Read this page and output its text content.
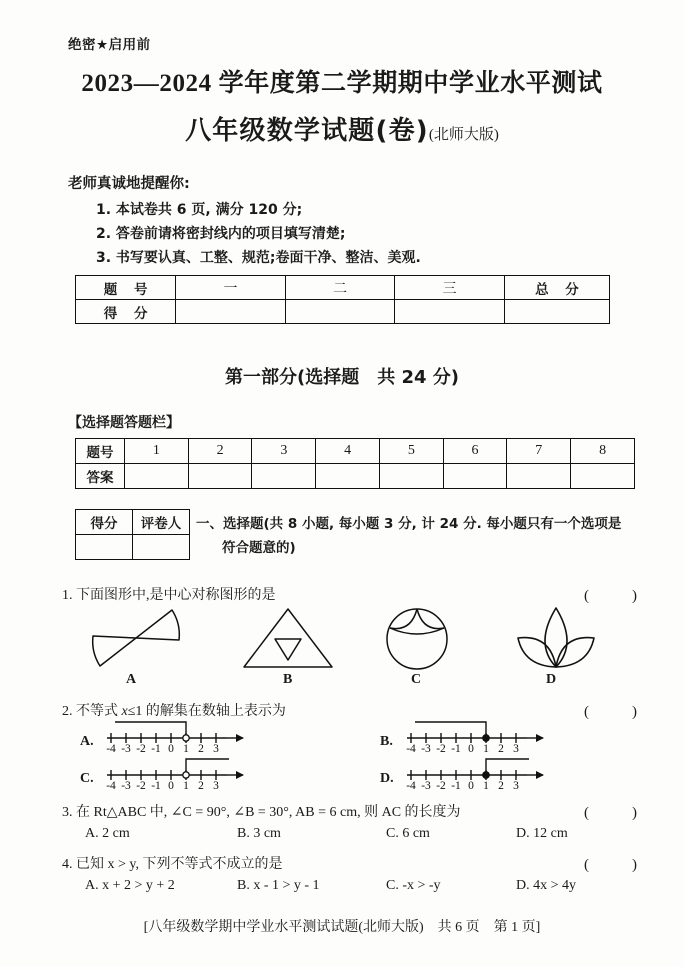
绝密★启用前
2023—2024 学年度第二学期期中学业水平测试
八年级数学试题(卷)(北师大版)
老师真诚地提醒你:
1. 本试卷共 6 页, 满分 120 分;
2. 答卷前请将密封线内的项目填写清楚;
3. 书写要认真、工整、规范;卷面干净、整洁、美观.
题 号	一	二	三	总 分
得 分				
第一部分(选择题　共 24 分)
【选择题答题栏】
题号	1	2	3	4	5	6	7	8
答案								
得分	评卷人
	一、选择题(共 8 小题, 每小题 3 分, 计 24 分. 每小题只有一个选项是
符合题意的)
1. 下面图形中,是中心对称图形的是	(　)
A	B	C	D
2. 不等式 x≤1 的解集在数轴上表示为	(　)
A. -4 -3 -2 -1 0 1 2 3	B. -4 -3 -2 -1 0 1 2 3
C. -4 -3 -2 -1 0 1 2 3	D. -4 -3 -2 -1 0 1 2 3
3. 在 Rt△ABC 中, ∠C = 90°, ∠B = 30°, AB = 6 cm, 则 AC 的长度为	(　)
A. 2 cm	B. 3 cm	C. 6 cm	D. 12 cm
4. 已知 x > y, 下列不等式不成立的是	(　)
A. x + 2 > y + 2	B. x - 1 > y - 1	C. -x > -y	D. 4x > 4y
[八年级数学期中学业水平测试试题(北师大版)　共 6 页　第 1 页]
